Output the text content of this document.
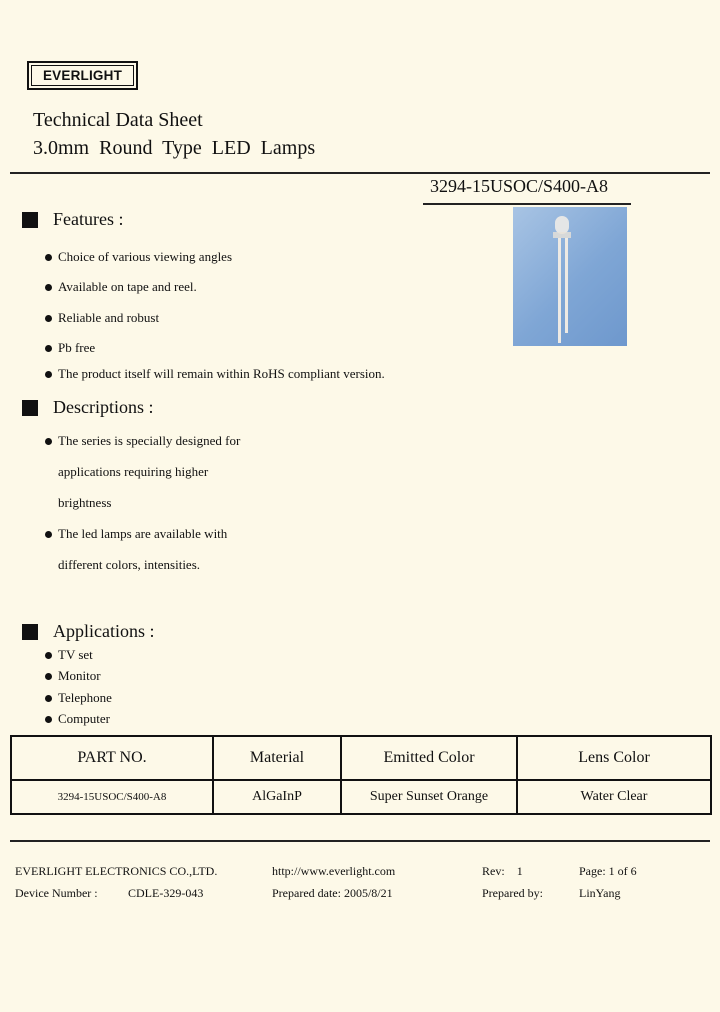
EVERLIGHT
Technical Data Sheet
3.0mm Round Type LED Lamps
3294-15USOC/S400-A8
Features :
Choice of various viewing angles
Available on tape and reel.
Reliable and robust
Pb free
The product itself will remain within RoHS compliant version.
Descriptions :
The series is specially designed for
applications requiring higher
brightness
The led lamps are available with
different colors, intensities.
Applications :
TV set
Monitor
Telephone
Computer
PART NO.	Material	Emitted Color	Lens Color
3294-15USOC/S400-A8	AlGaInP	Super Sunset Orange	Water Clear
EVERLIGHT ELECTRONICS CO.,LTD.	http://www.everlight.com	Rev:    1	Page: 1 of 6
Device Number :	CDLE-329-043	Prepared date: 2005/8/21	Prepared by:	LinYang
